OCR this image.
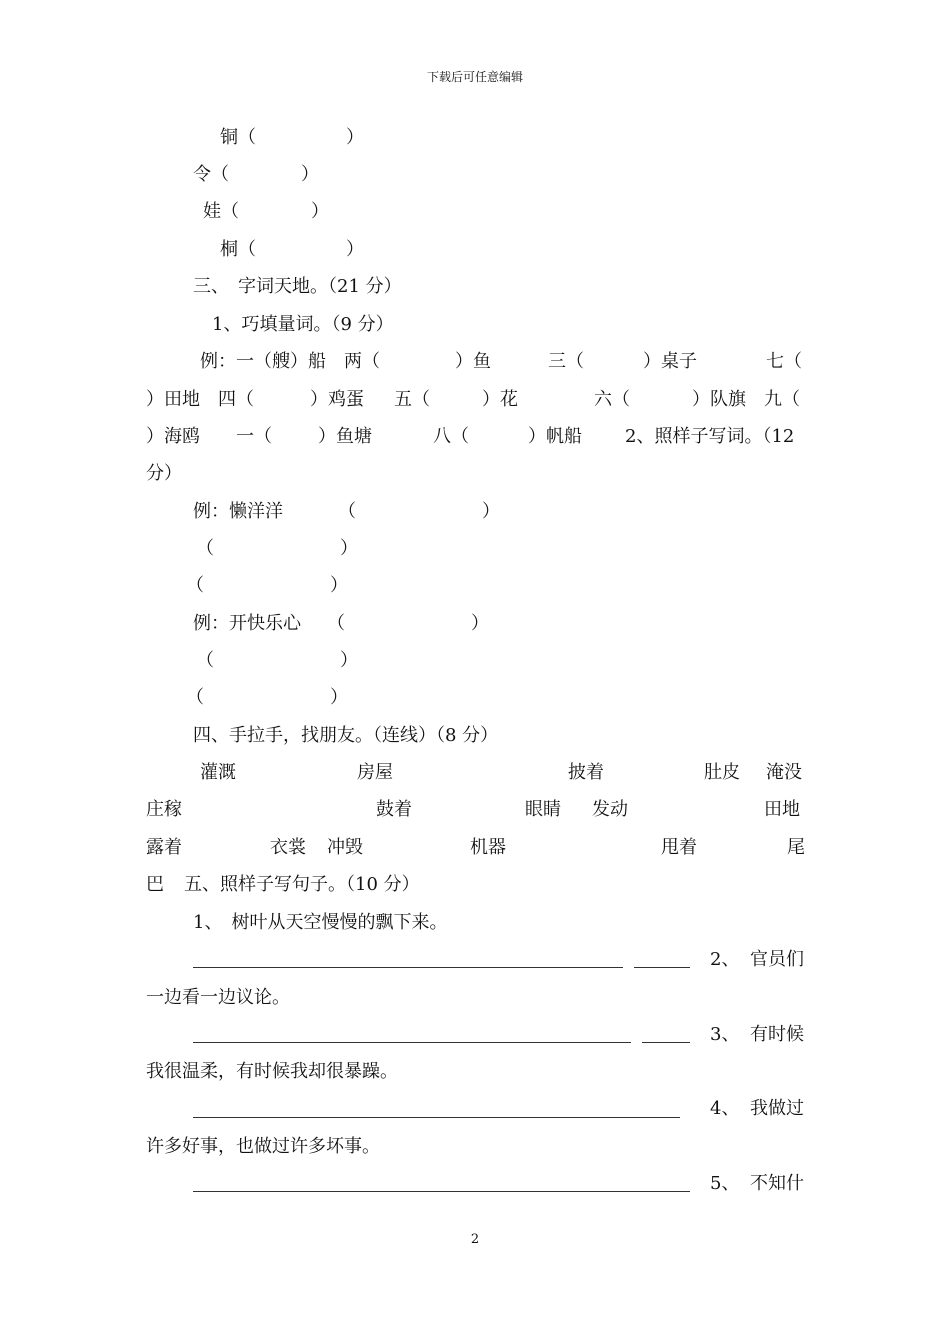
下载后可任意编辑
铜（　　　　　）
令（　　　　）
娃（　　　　）
桐（　　　　　）
三、　字词天地。（21 分）
1、巧填量词。（9 分）
例：一（艘）船　两（	）鱼	三（	）桌子	七（
）田地　四（	）鸡蛋 五（	）花	六（	）队旗　九（
）海鸥　　一（	）鱼塘	八（	）帆船 2、照样子写词。（12
分）
例：懒洋洋	（　　　　　　　）
（　　　　　　　）
（　　　　　　　）
例：开快乐心 （　　　　　　　）
（　　　　　　　）
（　　　　　　　）
四、手拉手，找朋友。（连线）（8 分）
灌溉	房屋	披着	肚皮 淹没
庄稼	鼓着	眼睛 发动	田地
露着	衣裳 冲毁	机器	甩着	尾
巴 五、照样子写句子。（10 分）
1、　树叶从天空慢慢的飘下来。
2、 官员们
一边看一边议论。
3、 有时候
我很温柔，有时候我却很暴躁。
4、 我做过
许多好事，也做过许多坏事。
5、 不知什
2
